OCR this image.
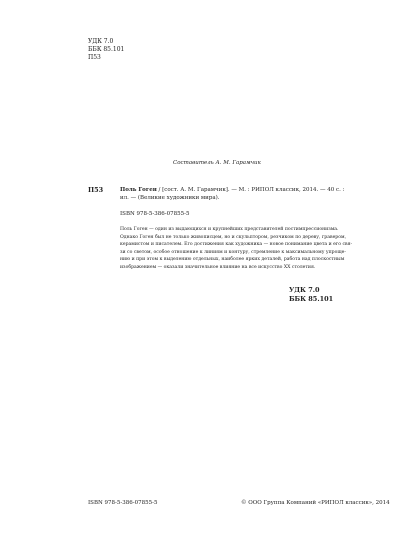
УДК 7.0
ББК 85.101
П53
Составитель А. М. Гарамчик
П53	Поль Гоген / [сост. А. М. Гарамчик]. — М. : РИПОЛ классик, 2014. — 40 с. :
ил. — (Великие художники мира).
ISBN 978-5-386-07855-5
Поль Гоген — один из выдающихся и крупнейших представителей постимпрессионизма.
Однако Гоген был не только живописцем, но и скульптором, резчиком по дереву, гравером,
керамистом и писателем. Его достижения как художника — новое понимание цвета и его свя-
зи со светом, особое отношение к линиям и контуру, стремление к максимальному упроще-
нию и при этом к выделению отдельных, наиболее ярких деталей, работа над плоскостным
изображением — оказали значительное влияние на все искусство XX столетия.
УДК 7.0
ББК 85.101
ISBN 978-5-386-07855-5	© ООО Группа Компаний «РИПОЛ классик», 2014
